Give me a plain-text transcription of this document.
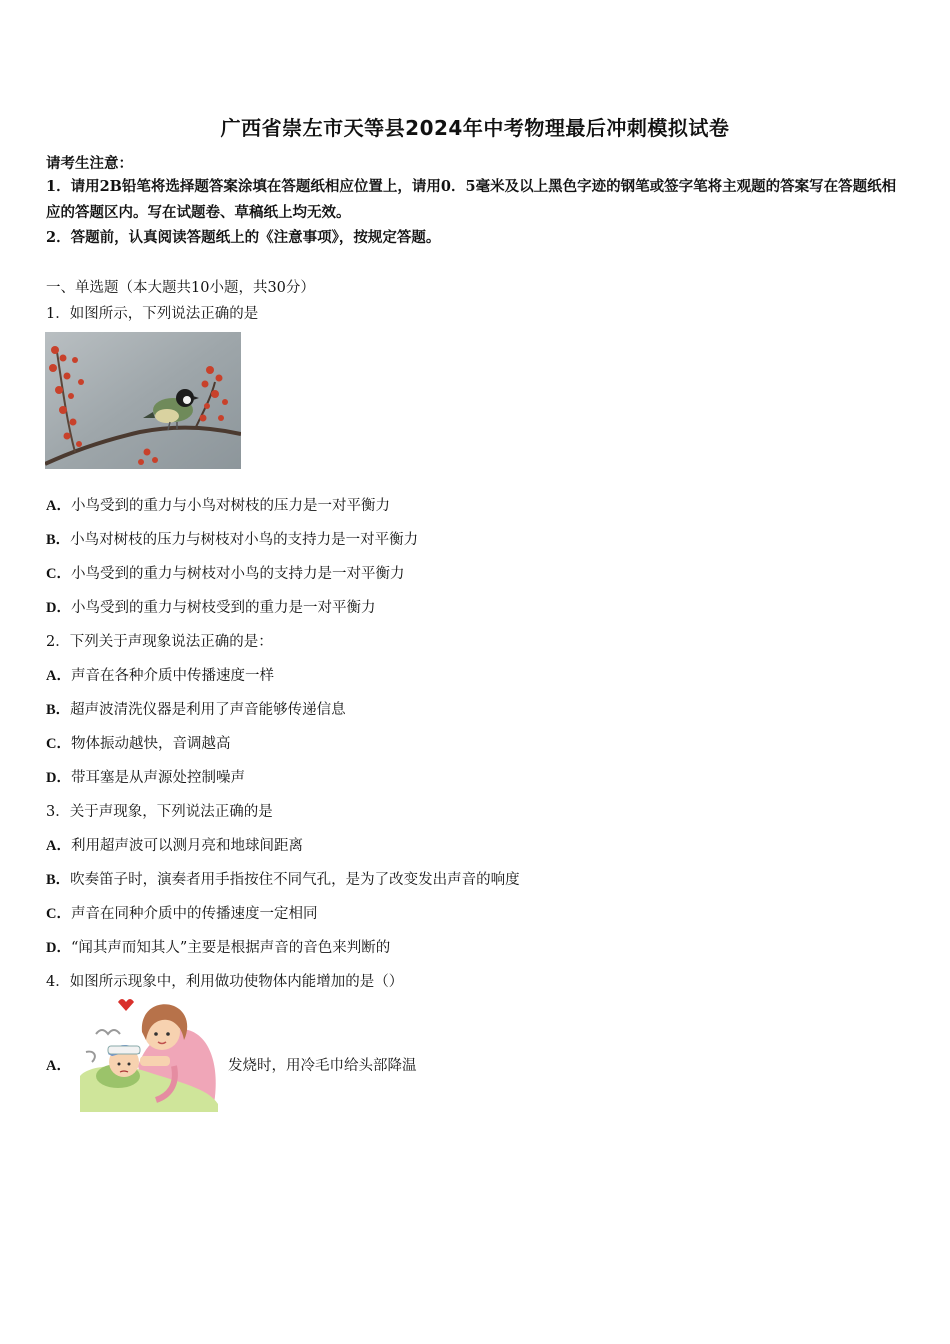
广西省崇左市天等县2024年中考物理最后冲刺模拟试卷
请考生注意：
1．请用2B铅笔将选择题答案涂填在答题纸相应位置上，请用0．5毫米及以上黑色字迹的钢笔或签字笔将主观题的答案写在答题纸相应的答题区内。写在试题卷、草稿纸上均无效。
2．答题前，认真阅读答题纸上的《注意事项》，按规定答题。
一、单选题（本大题共10小题，共30分）
1．如图所示，下列说法正确的是
A．小鸟受到的重力与小鸟对树枝的压力是一对平衡力
B．小鸟对树枝的压力与树枝对小鸟的支持力是一对平衡力
C．小鸟受到的重力与树枝对小鸟的支持力是一对平衡力
D．小鸟受到的重力与树枝受到的重力是一对平衡力
2．下列关于声现象说法正确的是：
A．声音在各种介质中传播速度一样
B．超声波清洗仪器是利用了声音能够传递信息
C．物体振动越快，音调越高
D．带耳塞是从声源处控制噪声
3．关于声现象，下列说法正确的是
A．利用超声波可以测月亮和地球间距离
B．吹奏笛子时，演奏者用手指按住不同气孔，是为了改变发出声音的响度
C．声音在同种介质中的传播速度一定相同
D．“闻其声而知其人”主要是根据声音的音色来判断的
4．如图所示现象中，利用做功使物体内能增加的是（）
A．	发烧时，用冷毛巾给头部降温
